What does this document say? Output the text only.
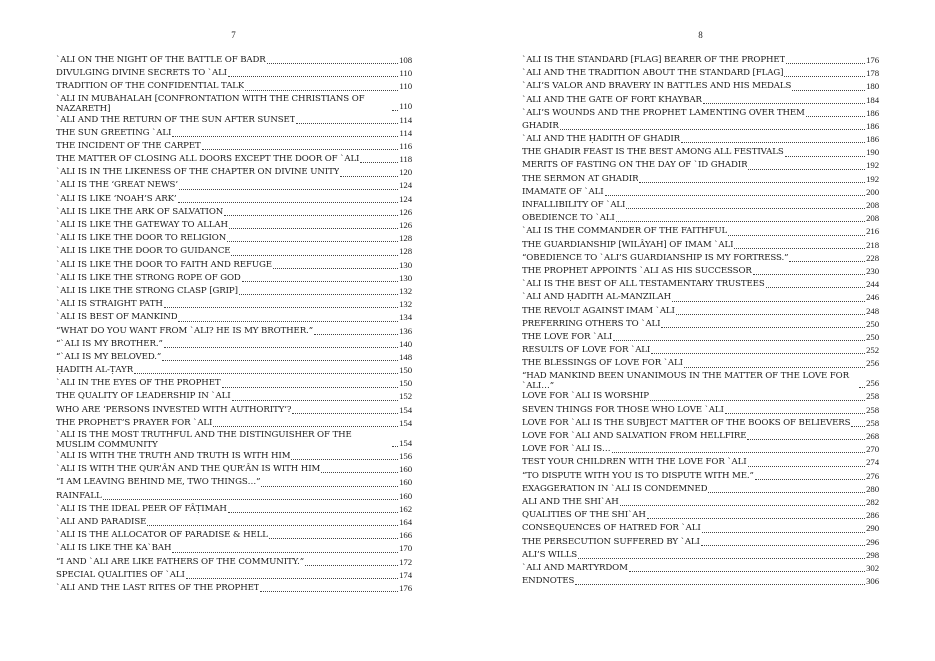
7
`ALI ON THE NIGHT OF THE BATTLE OF BADR	108
DIVULGING DIVINE SECRETS TO `ALI	110
TRADITION OF THE CONFIDENTIAL TALK	110
`ALI IN MUBÂHALAH [CONFRONTATION WITH THE CHRISTIANS OF NAZARETH]	110
`ALI AND THE RETURN OF THE SUN AFTER SUNSET	114
THE SUN GREETING `ALI	114
THE INCIDENT OF THE CARPET	116
THE MATTER OF CLOSING ALL DOORS EXCEPT THE DOOR OF `ALI	118
`ALI IS IN THE LIKENESS OF THE CHAPTER ON DIVINE UNITY	120
`ALI IS THE ‘GREAT NEWS’	124
`ALI IS LIKE ‘NOAH’S ARK’	124
`ALI IS LIKE THE ARK OF SALVATION	126
`ALI IS LIKE THE GATEWAY TO ALLAH	126
`ALI IS LIKE THE DOOR TO RELIGION	128
`ALI IS LIKE THE DOOR TO GUIDANCE	128
`ALI IS LIKE THE DOOR TO FAITH AND REFUGE	130
`ALI IS LIKE THE STRONG ROPE OF GOD	130
`ALI IS LIKE THE STRONG CLASP [GRIP]	132
`ALI IS STRAIGHT PATH	132
`ALI IS BEST OF MANKIND	134
“WHAT DO YOU WANT FROM `ALI? HE IS MY BROTHER.”	136
“`ALI IS MY BROTHER.”	140
“`ALI IS MY BELOVED.”	148
ḤADITH AL-ṬAYR	150
`ALI IN THE EYES OF THE PROPHET	150
THE QUALITY OF LEADERSHIP IN `ALI	152
WHO ARE ‘PERSONS INVESTED WITH AUTHORITY’?	154
THE PROPHET’S PRAYER FOR `ALI	154
`ALI IS THE MOST TRUTHFUL AND THE DISTINGUISHER OF THE MUSLIM COMMUNITY	154
`ALI IS WITH THE TRUTH AND TRUTH IS WITH HIM	156
`ALI IS WITH THE QUR’ÂN AND THE QUR’ÂN IS WITH HIM	160
“I AM LEAVING BEHIND ME, TWO THINGS…”	160
RAINFALL	160
`ALI IS THE IDEAL PEER OF FÂṬIMAH	162
`ALI AND PARADISE	164
`ALI IS THE ALLOCATOR OF PARADISE & HELL	166
`ALI IS LIKE THE KA`BAH	170
“I AND `ALI ARE LIKE FATHERS OF THE COMMUNITY.”	172
SPECIAL QUALITIES OF `ALI	174
`ALI AND THE LAST RITES OF THE PROPHET	176
8
`ALI IS THE STANDARD [FLAG] BEARER OF THE PROPHET	176
`ALI AND THE TRADITION ABOUT THE STANDARD [FLAG]	178
`ALI’S VALOR AND BRAVERY IN BATTLES AND HIS MEDALS	180
`ALI AND THE GATE OF FORT KHAYBAR	184
`ALI’S WOUNDS AND THE PROPHET LAMENTING OVER THEM	186
GHADIR	186
`ALI AND THE ḤADITH OF GHADIR	186
THE GHADIR FEAST IS THE BEST AMONG ALL FESTIVALS	190
MERITS OF FASTING ON THE DAY OF `ID GHADIR	192
THE SERMON AT GHADIR	192
IMAMATE OF `ALI	200
INFALLIBILITY OF `ALI	208
OBEDIENCE TO `ALI	208
`ALI IS THE COMMANDER OF THE FAITHFUL	216
THE GUARDIANSHIP [WILÂYAH] OF IMAM `ALI	218
“OBEDIENCE TO `ALI’S GUARDIANSHIP IS MY FORTRESS.”	228
THE PROPHET APPOINTS `ALI AS HIS SUCCESSOR	230
`ALI IS THE BEST OF ALL TESTAMENTARY TRUSTEES	244
`ALI AND ḤADITH AL-MANZILAH	246
THE REVOLT AGAINST IMAM `ALI	248
PREFERRING OTHERS TO `ALI	250
THE LOVE FOR `ALI	250
RESULTS OF LOVE FOR `ALI	252
THE BLESSINGS OF LOVE FOR `ALI	256
“HAD MANKIND BEEN UNANIMOUS IN THE MATTER OF THE LOVE FOR `ALI…”	256
LOVE FOR `ALI IS WORSHIP	258
SEVEN THINGS FOR THOSE WHO LOVE `ALI	258
LOVE FOR `ALI IS THE SUBJECT MATTER OF THE BOOKS OF BELIEVERS 258
LOVE FOR `ALI AND SALVATION FROM HELLFIRE	268
LOVE FOR `ALI IS…	270
TEST YOUR CHILDREN WITH THE LOVE FOR `ALI	274
“TO DISPUTE WITH YOU IS TO DISPUTE WITH ME.”	276
EXAGGERATION IN `ALI IS CONDEMNED	280
ALI AND THE SHI`AH	282
QUALITIES OF THE SHI`AH	286
CONSEQUENCES OF HATRED FOR `ALI	290
THE PERSECUTION SUFFERED BY `ALI	296
ALI’S WILLS	298
`ALI AND MARTYRDOM	302
ENDNOTES	306
